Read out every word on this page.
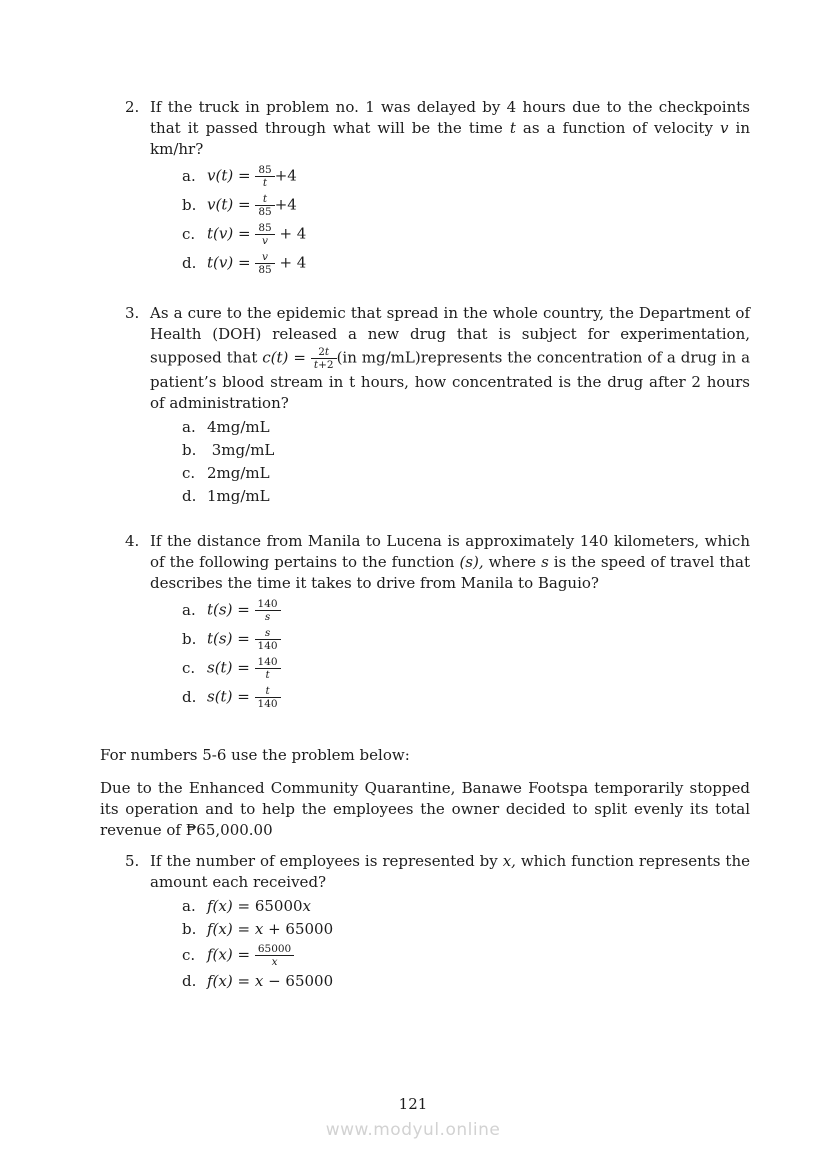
2. If the truck in problem no. 1 was delayed by 4 hours due to the checkpoints that it passed through what will be the time t as a function of velocity v in km/hr?

a. $v(t) = \frac{85}{t} +4$
b. $v(t) = \frac{t}{85} +4$
c. $t(v) = \frac{85}{v} + 4$
d. $t(v) = \frac{v}{85} + 4$
3. As a cure to the epidemic that spread in the whole country, the Department of Health (DOH) released a new drug that is subject for experimentation, supposed that $c(t) = \frac{2t}{t+2} (in$ mg/mL)represents the concentration of a drug in a patient’s blood stream in t hours, how concentrated is the drug after 2 hours of administration?

a. 4mg/mL
b. 3mg/mL
c. 2mg/mL
d. 1mg/mL
4. If the distance from Manila to Lucena is approximately 140 kilometers, which of the following pertains to the function (s), where s is the speed of travel that describes the time it takes to drive from Manila to Baguio?

a. $t(s) = \frac{140}{s}$
b. $t(s) = \frac{s}{140}$
c. $s(t) = \frac{140}{t}$
d. $s(t) = \frac{t}{140}$

For numbers 5-6 use the problem below:

Due to the Enhanced Community Quarantine, Banawe Footspa temporarily stopped its operation and to help the employees the owner decided to split evenly its total revenue of ₱65,000.00

5. If the number of employees is represented by x, which function represents the amount each received?

a. f(x) = 65000x
b. f(x) = x + 65000
c. $f(x) = \frac{65000}{x}$
d. f(x) = x − 65000
121
www.modyul.online
